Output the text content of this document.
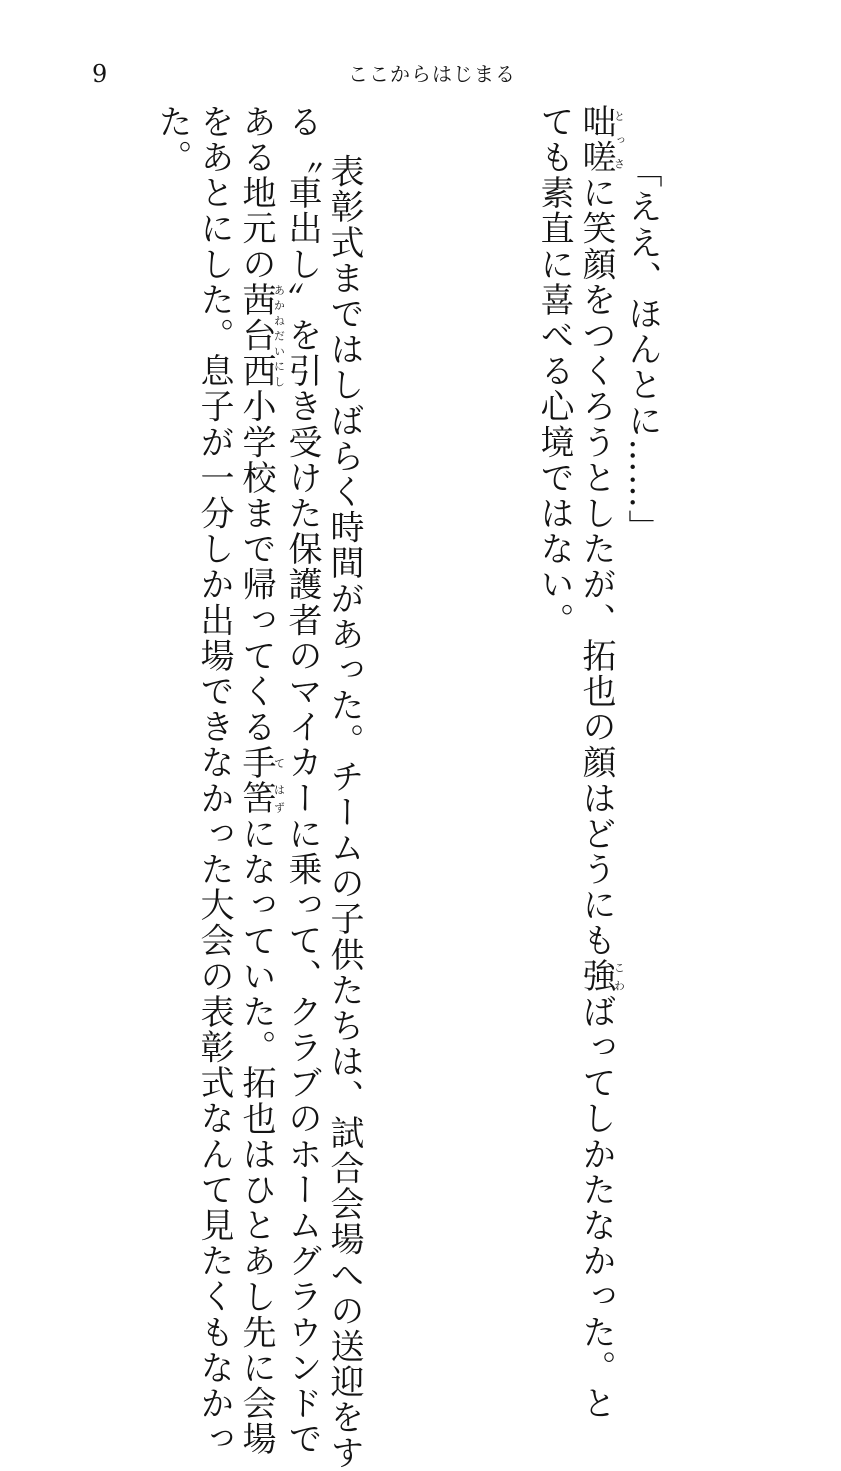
9	ここからはじまる

「ええ、ほんとに……」
咄嗟とっさに笑顔をつくろうとしたが、拓也の顔はどうにも強こわばってしかたなかった。と
ても素直に喜べる心境ではない。

表彰式まではしばらく時間があった。チームの子供たちは、試合会場への送迎をす
る〝車出し〟を引き受けた保護者のマイカーに乗って、クラブのホームグラウンドで
ある地元の茜台西あかねだいにし小学校まで帰ってくる手て筈はずになっていた。拓也はひとあし先に会場
をあとにした。息子が一分しか出場できなかった大会の表彰式なんて見たくもなかっ
た。
